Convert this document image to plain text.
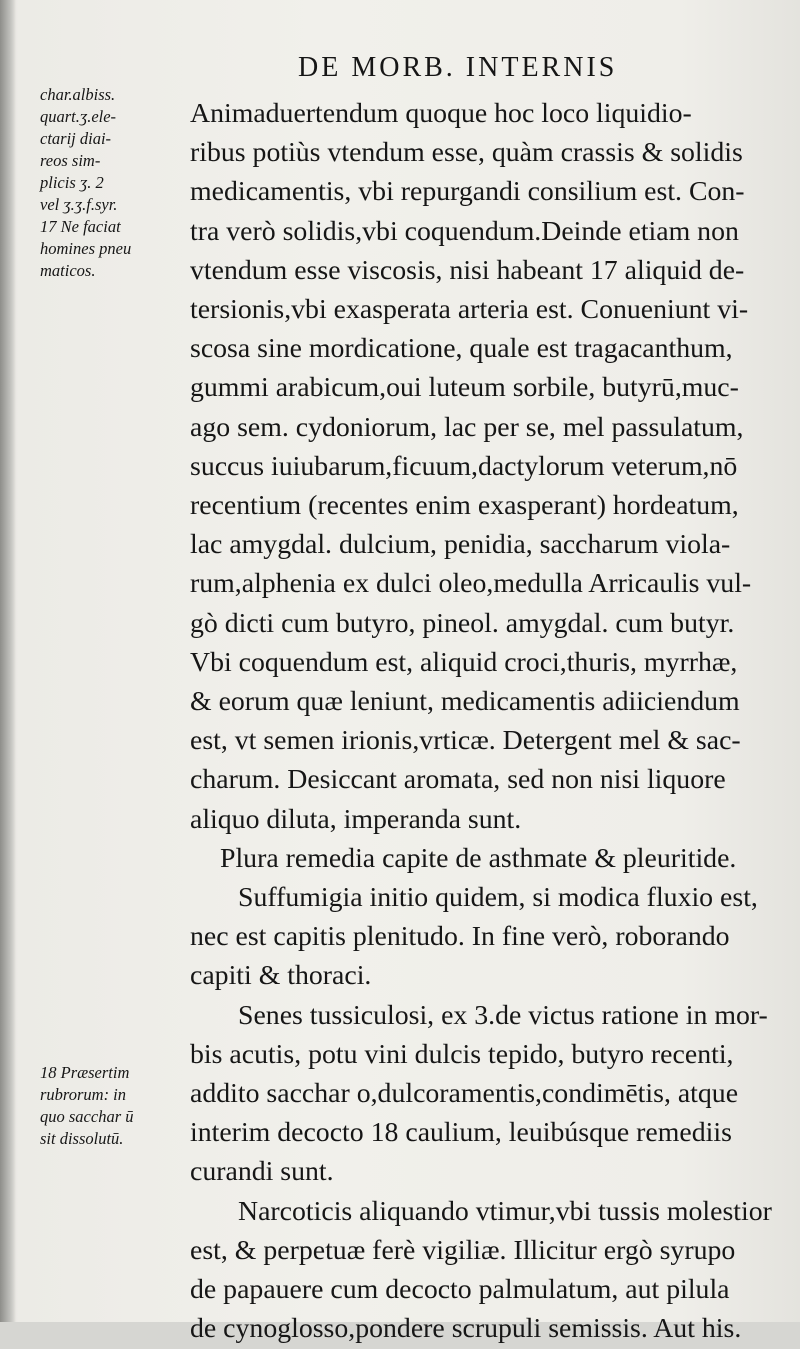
DE MORB. INTERNIS
char.albiss.
quart.ʒ.ele-
ctarij diai-
reos sim-
plicis ʒ. 2
vel ʒ.ʒ.f.syr.
17 Ne faciat
homines pneu
maticos.
18 Præsertim
rubrorum: in
quo sacchar ū
sit dissolutū.
Animaduertendum quoque hoc loco liquidio-
ribus potiùs vtendum esse, quàm crassis & solidis
medicamentis, vbi repurgandi consilium est. Con-
tra verò solidis,vbi coquendum.Deinde etiam non
vtendum esse viscosis, nisi habeant 17 aliquid de-
tersionis,vbi exasperata arteria est. Conueniunt vi-
scosa sine mordicatione, quale est tragacanthum,
gummi arabicum,oui luteum sorbile, butyrū,muc-
ago sem. cydoniorum, lac per se, mel passulatum,
succus iuiubarum,ficuum,dactylorum veterum,nō
recentium (recentes enim exasperant) hordeatum,
lac amygdal. dulcium, penidia, saccharum viola-
rum,alphenia ex dulci oleo,medulla Arricaulis vul-
gò dicti cum butyro, pineol. amygdal. cum butyr.
Vbi coquendum est, aliquid croci,thuris, myrrhæ,
& eorum quæ leniunt, medicamentis adiiciendum
est, vt semen irionis,vrticæ. Detergent mel & sac-
charum. Desiccant aromata, sed non nisi liquore
aliquo diluta, imperanda sunt.
Plura remedia capite de asthmate & pleuritide.
Suffumigia initio quidem, si modica fluxio est,
nec est capitis plenitudo. In fine verò, roborando
capiti & thoraci.
Senes tussiculosi, ex 3.de victus ratione in mor-
bis acutis, potu vini dulcis tepido, butyro recenti,
addito sacchar o,dulcoramentis,condimētis, atque
interim decocto 18 caulium, leuibúsque remediis
curandi sunt.
Narcoticis aliquando vtimur,vbi tussis molestior
est, & perpetuæ ferè vigiliæ. Illicitur ergò syrupo
de papauere cum decocto palmulatum, aut pilula
de cynoglosso,pondere scrupuli semissis. Aut his.
